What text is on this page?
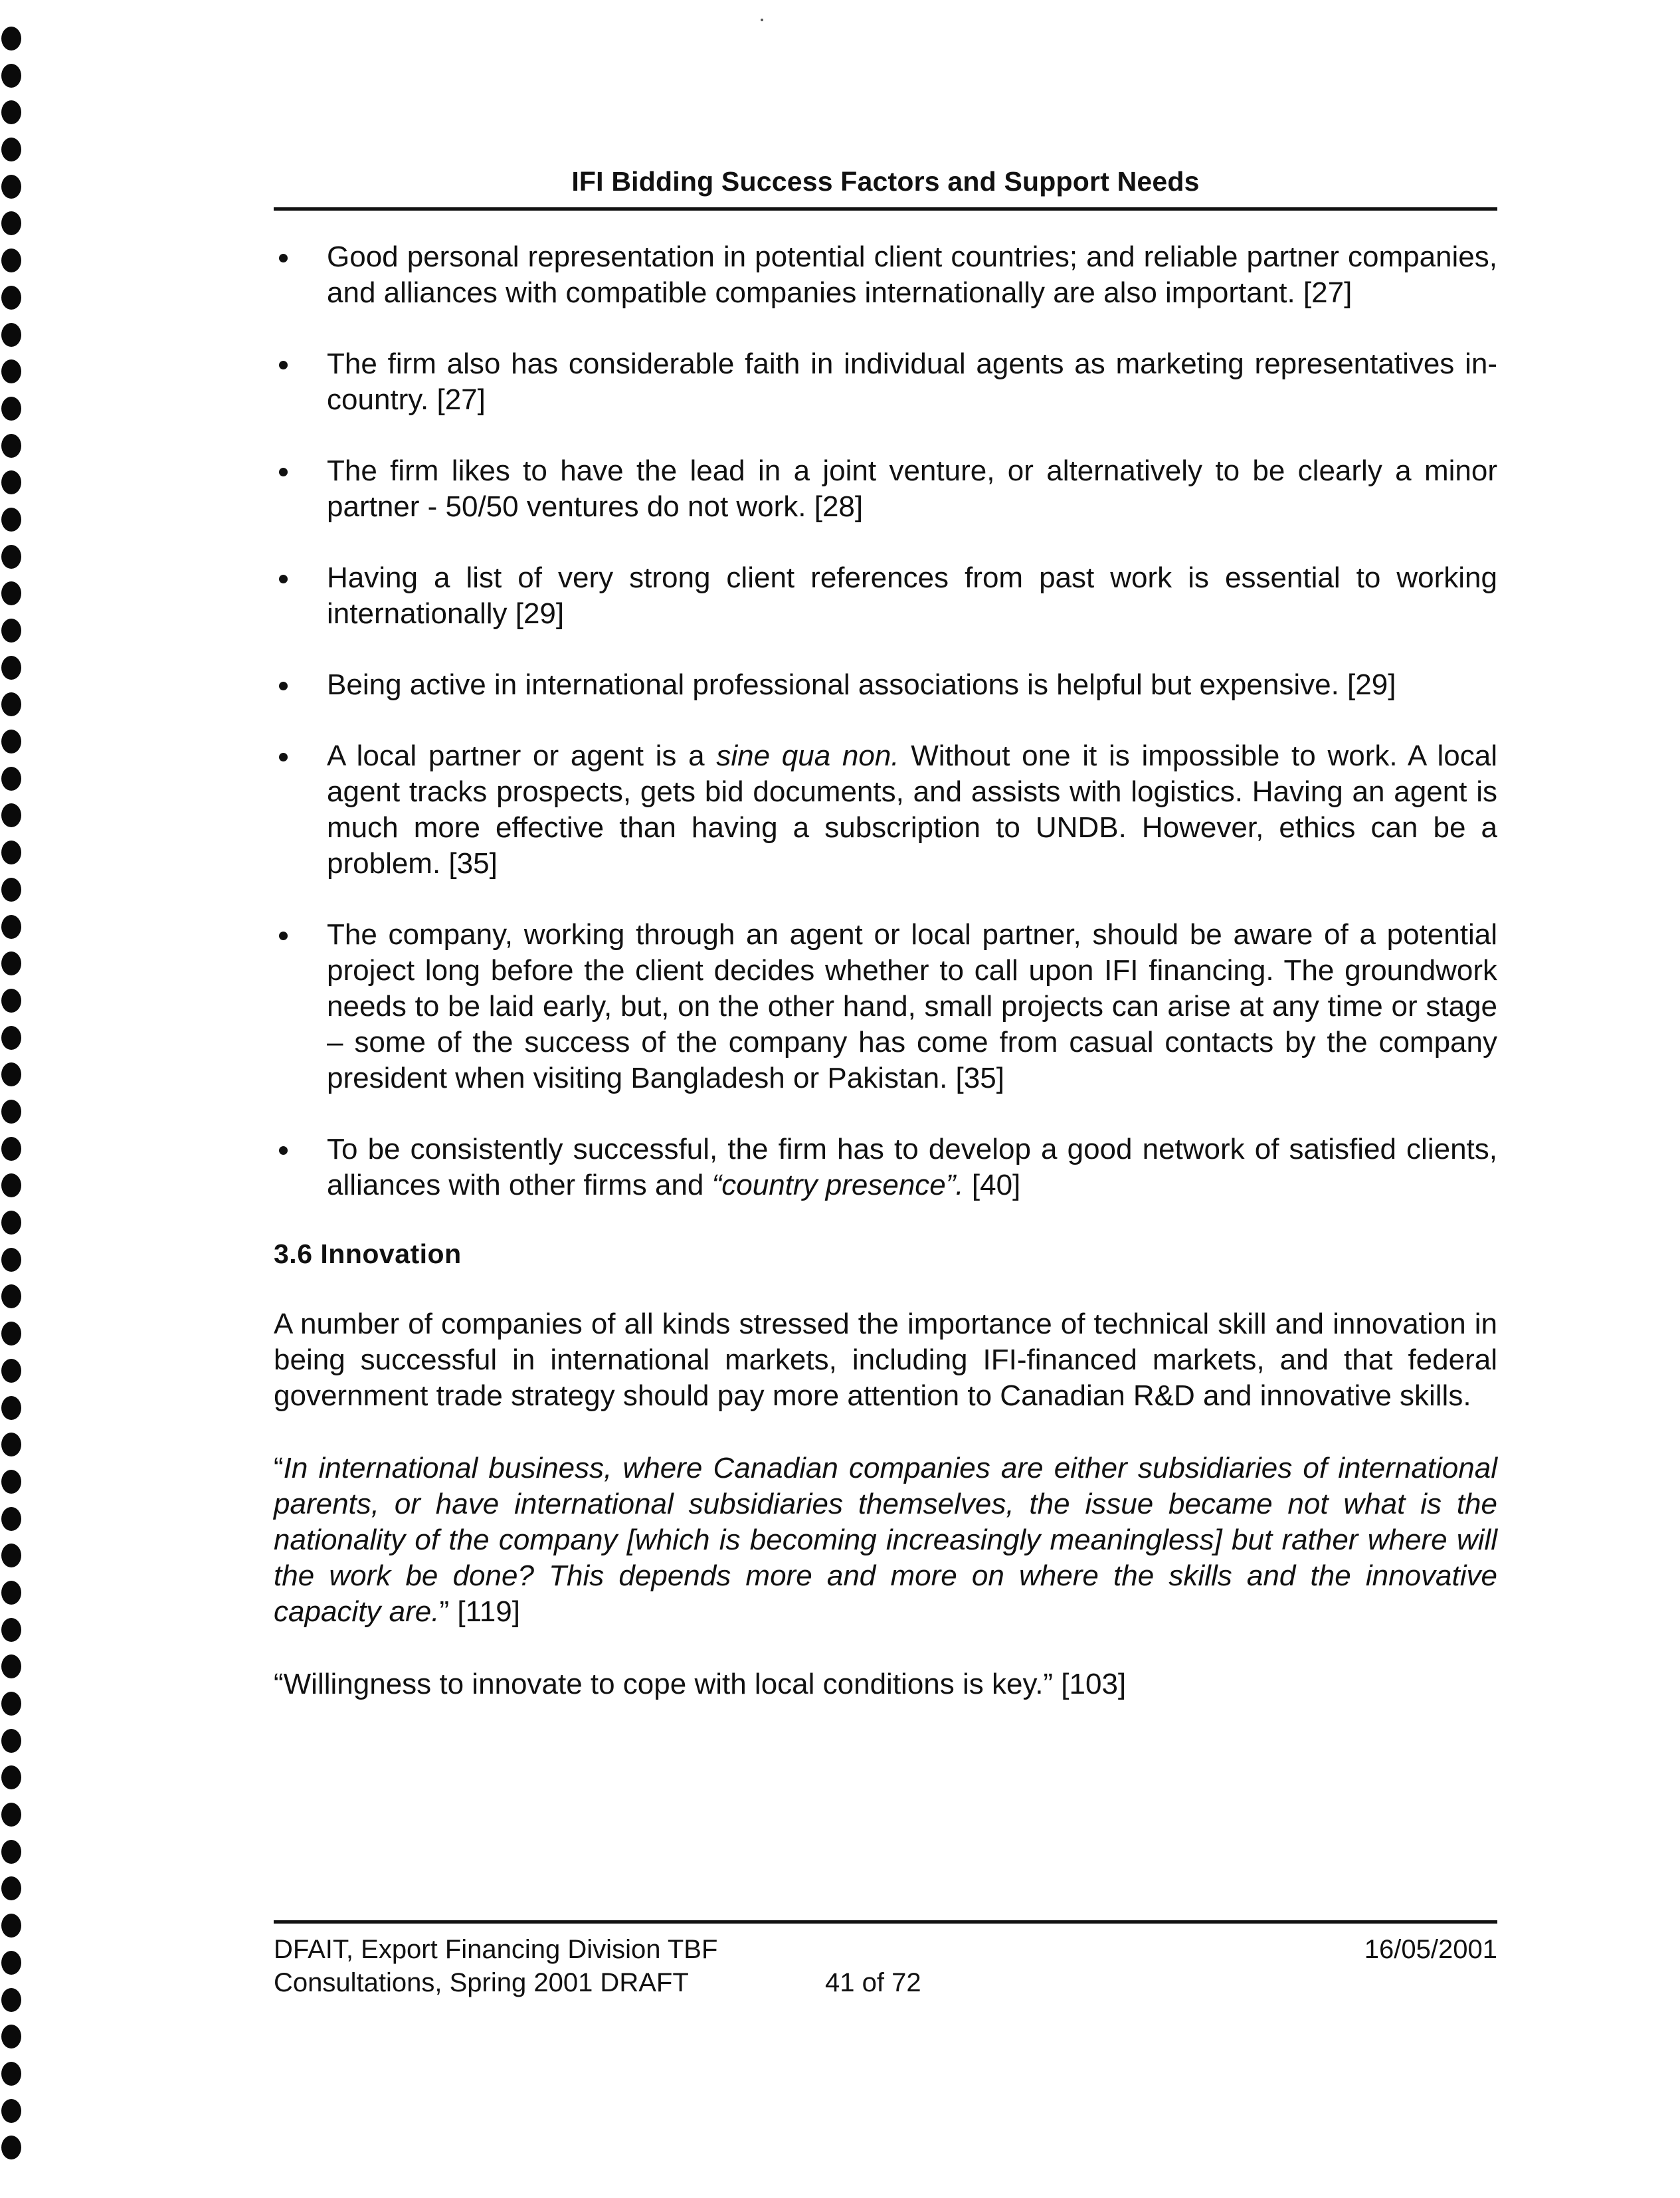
IFI Bidding Success Factors and Support Needs
Good personal representation in potential client countries; and reliable partner companies, and alliances with compatible companies internationally are also important. [27]
The firm also has considerable faith in individual agents as marketing representatives in-country. [27]
The firm likes to have the lead in a joint venture, or alternatively to be clearly a minor partner - 50/50 ventures do not work. [28]
Having a list of very strong client references from past work is essential to working internationally [29]
Being active in international professional associations is helpful but expensive. [29]
A local partner or agent is a sine qua non. Without one it is impossible to work. A local agent tracks prospects, gets bid documents, and assists with logistics. Having an agent is much more effective than having a subscription to UNDB. However, ethics can be a problem. [35]
The company, working through an agent or local partner, should be aware of a potential project long before the client decides whether to call upon IFI financing. The groundwork needs to be laid early, but, on the other hand, small projects can arise at any time or stage – some of the success of the company has come from casual contacts by the company president when visiting Bangladesh or Pakistan. [35]
To be consistently successful, the firm has to develop a good network of satisfied clients, alliances with other firms and “country presence”. [40]
3.6 Innovation

A number of companies of all kinds stressed the importance of technical skill and innovation in being successful in international markets, including IFI-financed markets, and that federal government trade strategy should pay more attention to Canadian R&D and innovative skills.

“In international business, where Canadian companies are either subsidiaries of international parents, or have international subsidiaries themselves, the issue became not what is the nationality of the company [which is becoming increasingly meaningless] but rather where will the work be done? This depends more and more on where the skills and the innovative capacity are.” [119]

“Willingness to innovate to cope with local conditions is key.” [103]

DFAIT, Export Financing Division TBF
Consultations, Spring 2001 DRAFT	41 of 72
16/05/2001
